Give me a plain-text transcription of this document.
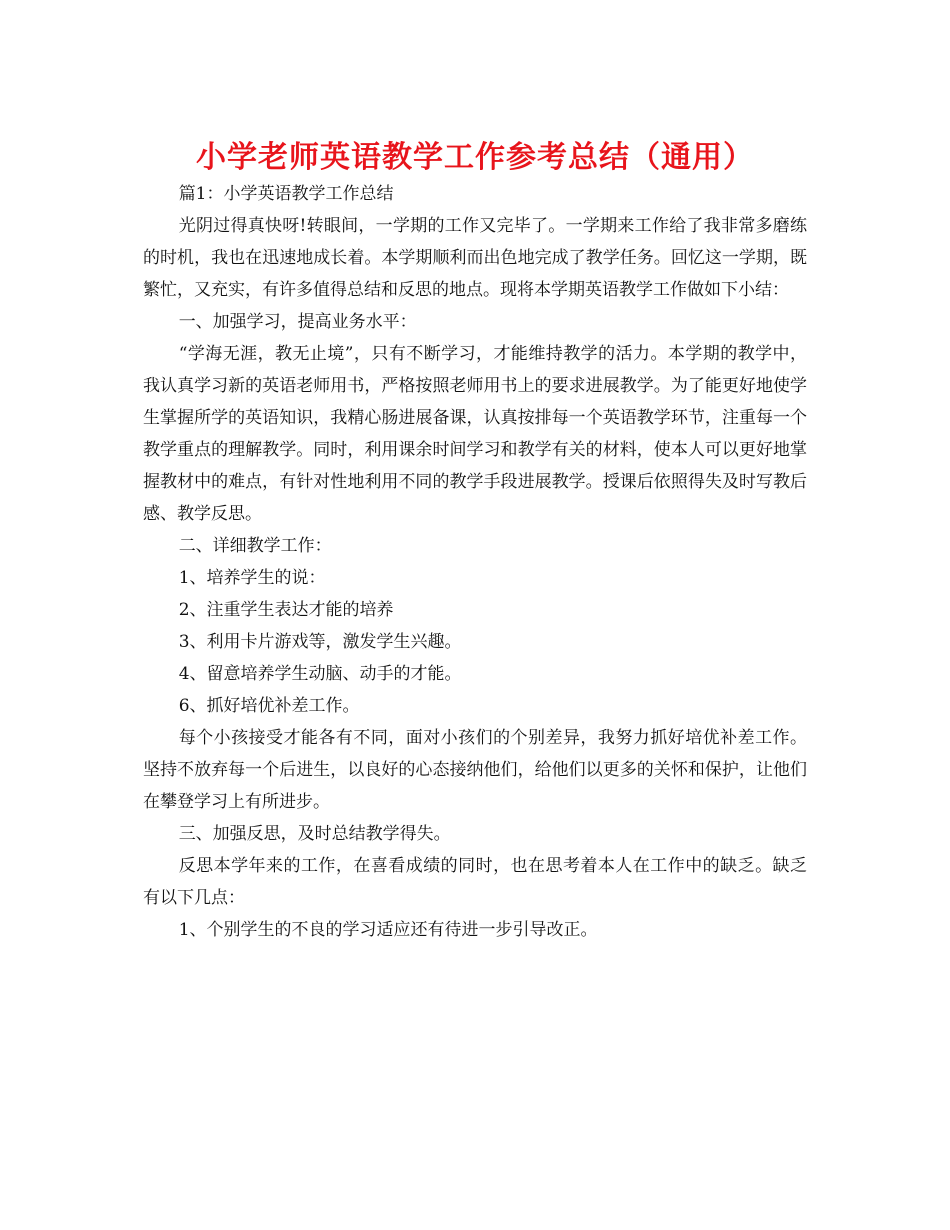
小学老师英语教学工作参考总结（通用）

篇1：小学英语教学工作总结

光阴过得真快呀!转眼间，一学期的工作又完毕了。一学期来工作给了我非常多磨练的时机，我也在迅速地成长着。本学期顺利而出色地完成了教学任务。回忆这一学期，既繁忙，又充实，有许多值得总结和反思的地点。现将本学期英语教学工作做如下小结：

一、加强学习，提高业务水平：

“学海无涯，教无止境”，只有不断学习，才能维持教学的活力。本学期的教学中，我认真学习新的英语老师用书，严格按照老师用书上的要求进展教学。为了能更好地使学生掌握所学的英语知识，我精心肠进展备课，认真按排每一个英语教学环节，注重每一个教学重点的理解教学。同时，利用课余时间学习和教学有关的材料，使本人可以更好地掌握教材中的难点，有针对性地利用不同的教学手段进展教学。授课后依照得失及时写教后感、教学反思。

二、详细教学工作：

1、培养学生的说：

2、注重学生表达才能的培养

3、利用卡片游戏等，激发学生兴趣。

4、留意培养学生动脑、动手的才能。

6、抓好培优补差工作。

每个小孩接受才能各有不同，面对小孩们的个别差异，我努力抓好培优补差工作。坚持不放弃每一个后进生，以良好的心态接纳他们，给他们以更多的关怀和保护，让他们在攀登学习上有所进步。

三、加强反思，及时总结教学得失。

反思本学年来的工作，在喜看成绩的同时，也在思考着本人在工作中的缺乏。缺乏有以下几点：

1、个别学生的不良的学习适应还有待进一步引导改正。
